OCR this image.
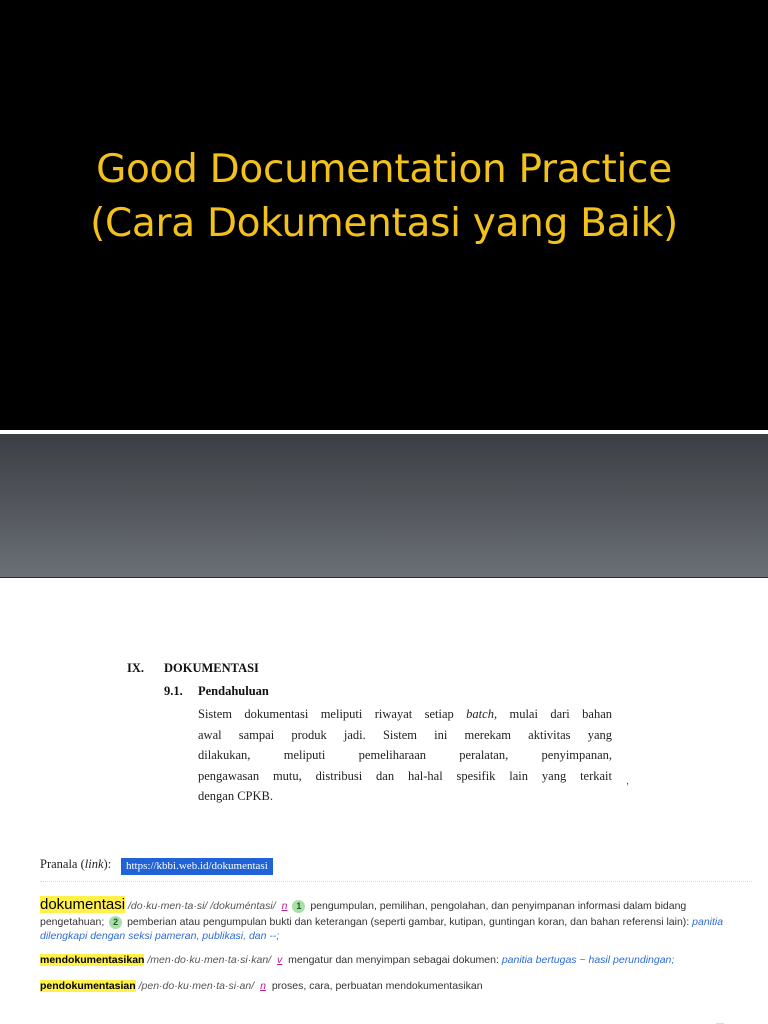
Good Documentation Practice
(Cara Dokumentasi yang Baik)
IX. DOKUMENTASI
9.1. Pendahuluan
Sistem dokumentasi meliputi riwayat setiap batch, mulai dari bahan
awal sampai produk jadi. Sistem ini merekam aktivitas yang
dilakukan, meliputi pemeliharaan peralatan, penyimpanan,
pengawasan mutu, distribusi dan hal-hal spesifik lain yang terkait
dengan CPKB.
,
Pranala (link):	https://kbbi.web.id/dokumentasi
dokumentasi /do·ku·men·ta·si/ /dokuméntasi/ n 1 pengumpulan, pemilihan, pengolahan, dan penyimpanan informasi dalam bidang
pengetahuan; 2 pemberian atau pengumpulan bukti dan keterangan (seperti gambar, kutipan, guntingan koran, dan bahan referensi lain): panitia
dilengkapi dengan seksi pameran, publikasi, dan --;
mendokumentasikan /men·do·ku·men·ta·si·kan/ v mengatur dan menyimpan sebagai dokumen: panitia bertugas ~ hasil perundingan;
pendokumentasian /pen·do·ku·men·ta·si·an/ n proses, cara, perbuatan mendokumentasikan
